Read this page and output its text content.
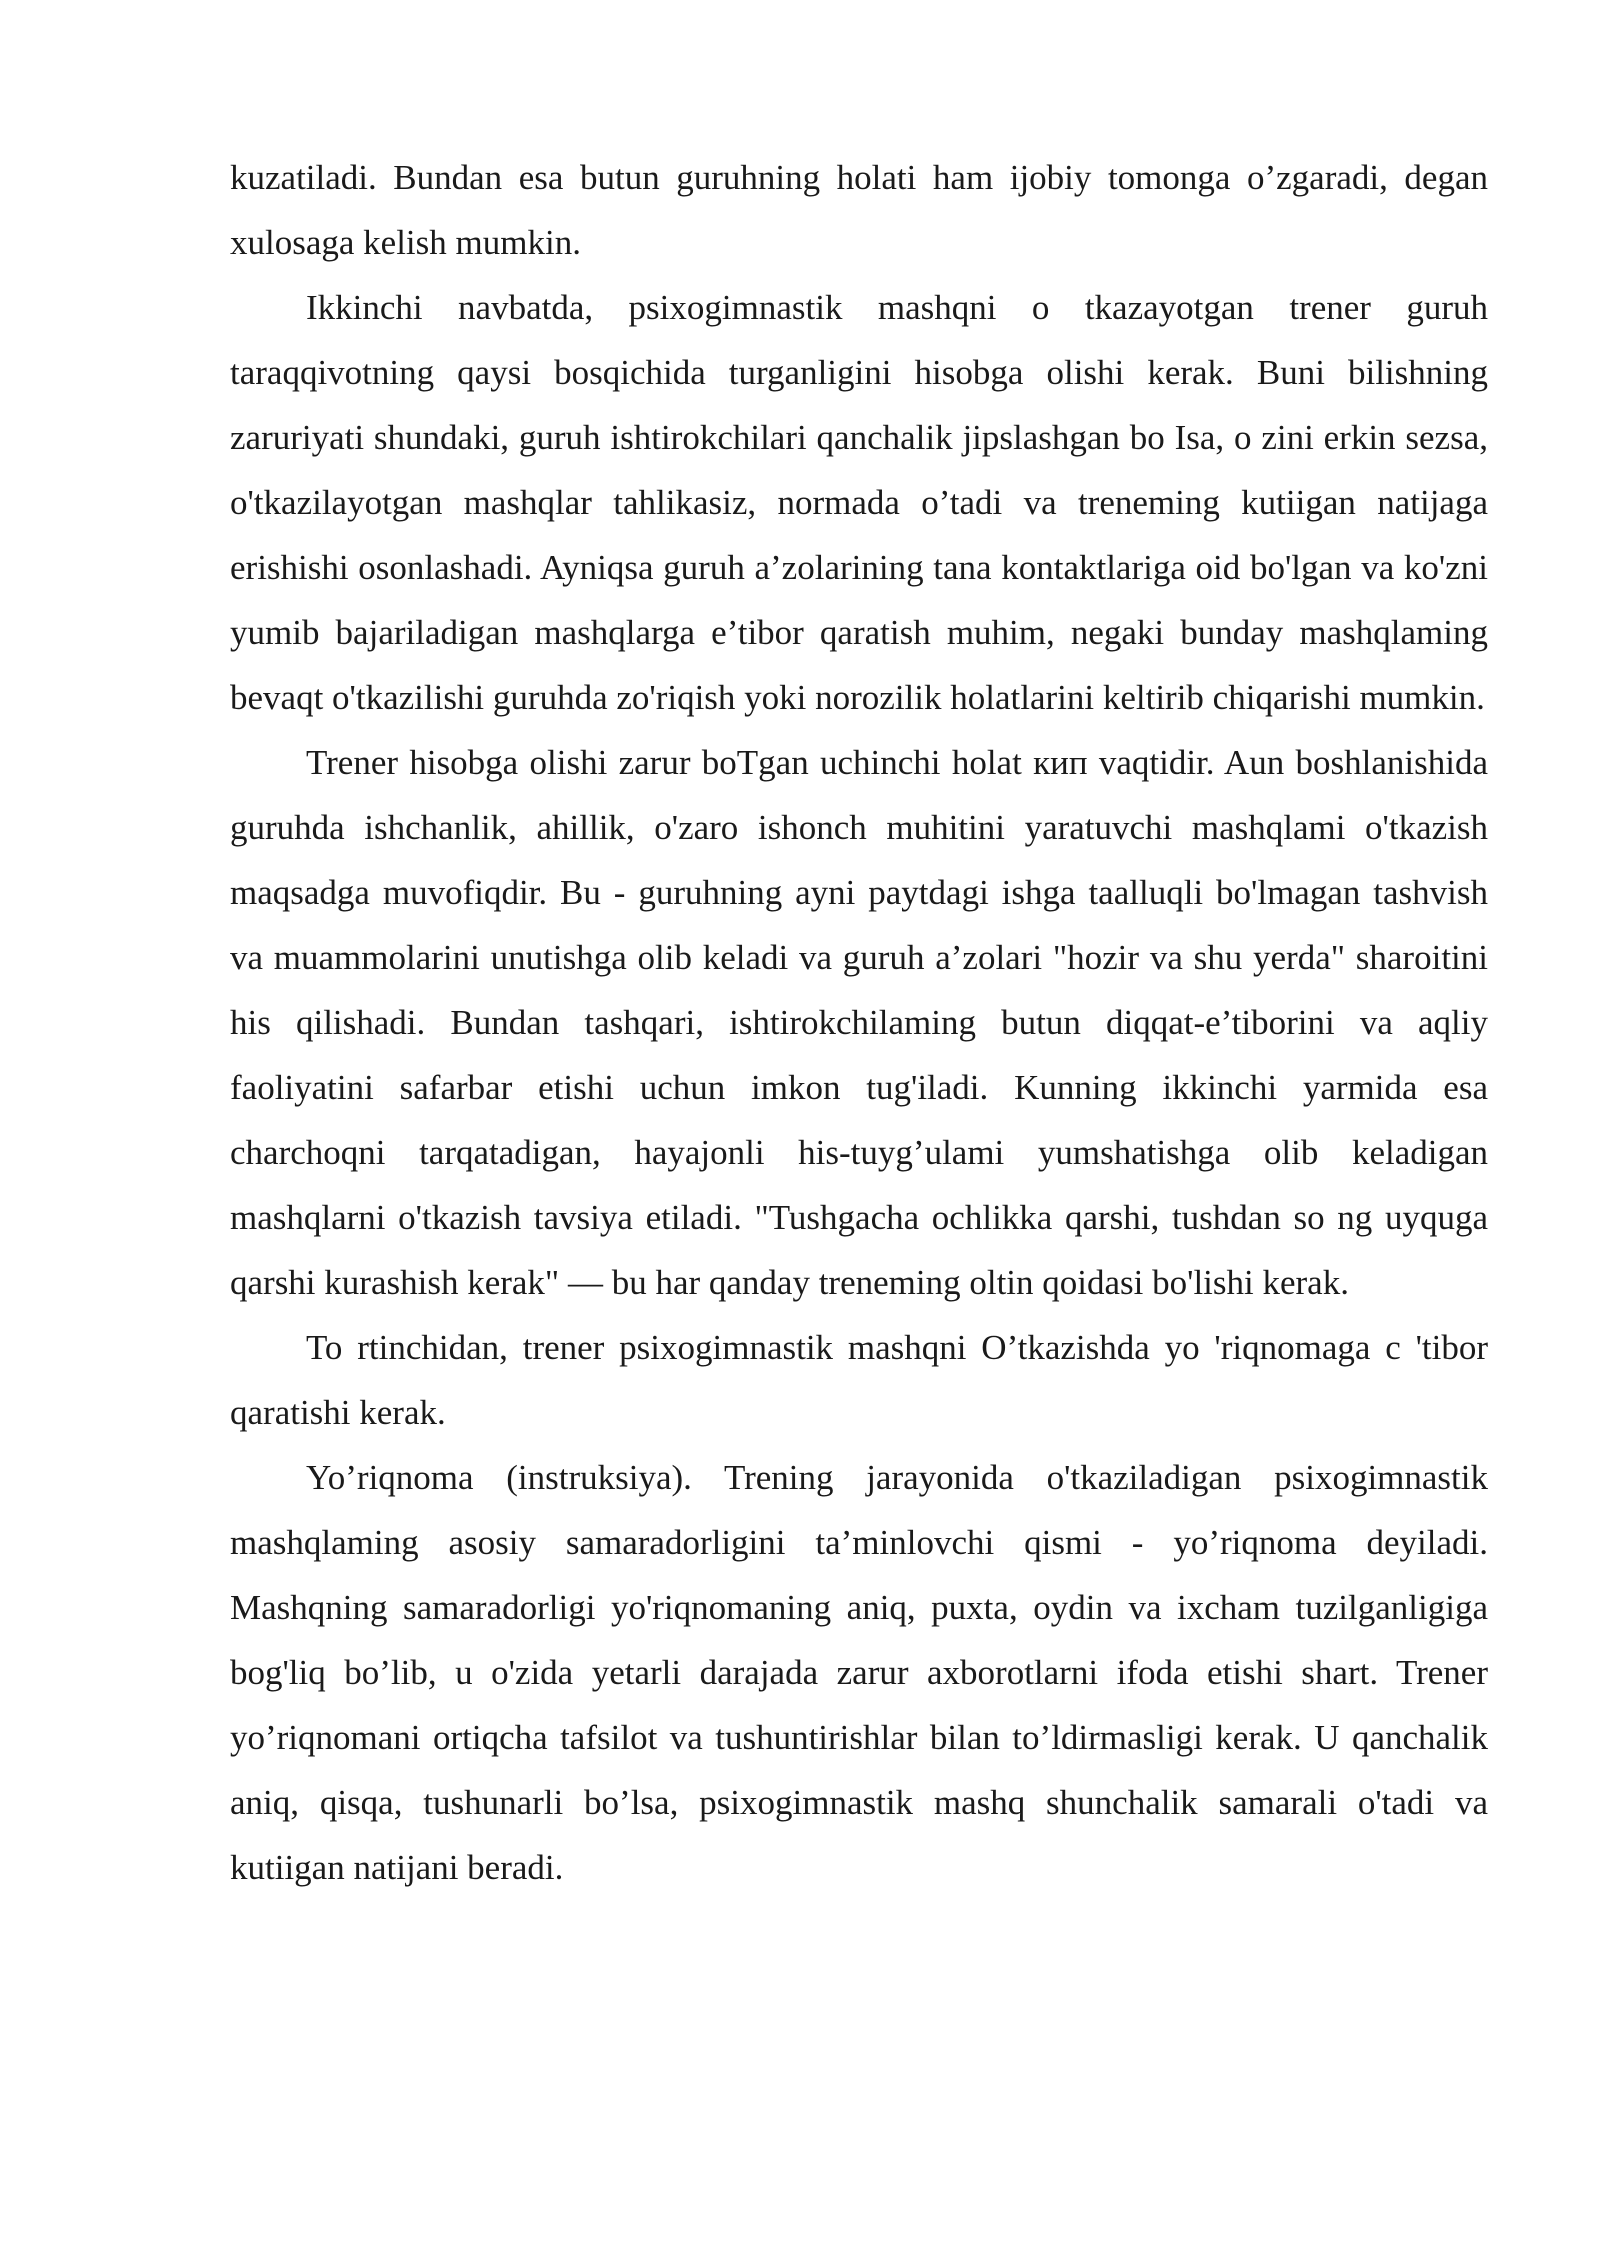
kuzatiladi. Bundan esa butun guruhning holati ham ijobiy tomonga o’zgaradi, degan xulosaga kelish mumkin.

Ikkinchi navbatda, psixogimnastik mashqni o tkazayotgan trener guruh taraqqivotning qaysi bosqichida turganligini hisobga olishi kerak. Buni bilishning zaruriyati shundaki, guruh ishtirokchilari qanchalik jipslashgan bo Isa, o zini erkin sezsa, o'tkazilayotgan mashqlar tahlikasiz, normada o’tadi va treneming kutiigan natijaga erishishi osonlashadi. Ayniqsa guruh a’zolarining tana kontaktlariga oid bo'lgan va ko'zni yumib bajariladigan mashqlarga e’tibor qaratish muhim, negaki bunday mashqlaming bevaqt o'tkazilishi guruhda zo'riqish yoki norozilik holatlarini keltirib chiqarishi mumkin.

Trener hisobga olishi zarur boTgan uchinchi holat кип vaqtidir. Aun boshlanishida guruhda ishchanlik, ahillik, o'zaro ishonch muhitini yaratuvchi mashqlami o'tkazish maqsadga muvofiqdir. Bu - guruhning ayni paytdagi ishga taalluqli bo'lmagan tashvish va muammolarini unutishga olib keladi va guruh a’zolari "hozir va shu yerda" sharoitini his qilishadi. Bundan tashqari, ishtirokchilaming butun diqqat-e’tiborini va aqliy faoliyatini safarbar etishi uchun imkon tug'iladi. Kunning ikkinchi yarmida esa charchoqni tarqatadigan, hayajonli his-tuyg’ulami yumshatishga olib keladigan mashqlarni o'tkazish tavsiya etiladi. "Tushgacha ochlikka qarshi, tushdan so ng uyquga qarshi kurashish kerak" — bu har qanday treneming oltin qoidasi bo'lishi kerak.

To rtinchidan, trener psixogimnastik mashqni O’tkazishda yo 'riqnomaga c 'tibor qaratishi kerak.

Yo’riqnoma (instruksiya). Trening jarayonida o'tkaziladigan psixogimnastik mashqlaming asosiy samaradorligini ta’minlovchi qismi - yo’riqnoma deyiladi. Mashqning samaradorligi yo'riqnomaning aniq, puxta, oydin va ixcham tuzilganligiga bog'liq bo’lib, u o'zida yetarli darajada zarur axborotlarni ifoda etishi shart. Trener yo’riqnomani ortiqcha tafsilot va tushuntirishlar bilan to’ldirmasligi kerak. U qanchalik aniq, qisqa, tushunarli bo’lsa, psixogimnastik mashq shunchalik samarali o'tadi va kutiigan natijani beradi.
